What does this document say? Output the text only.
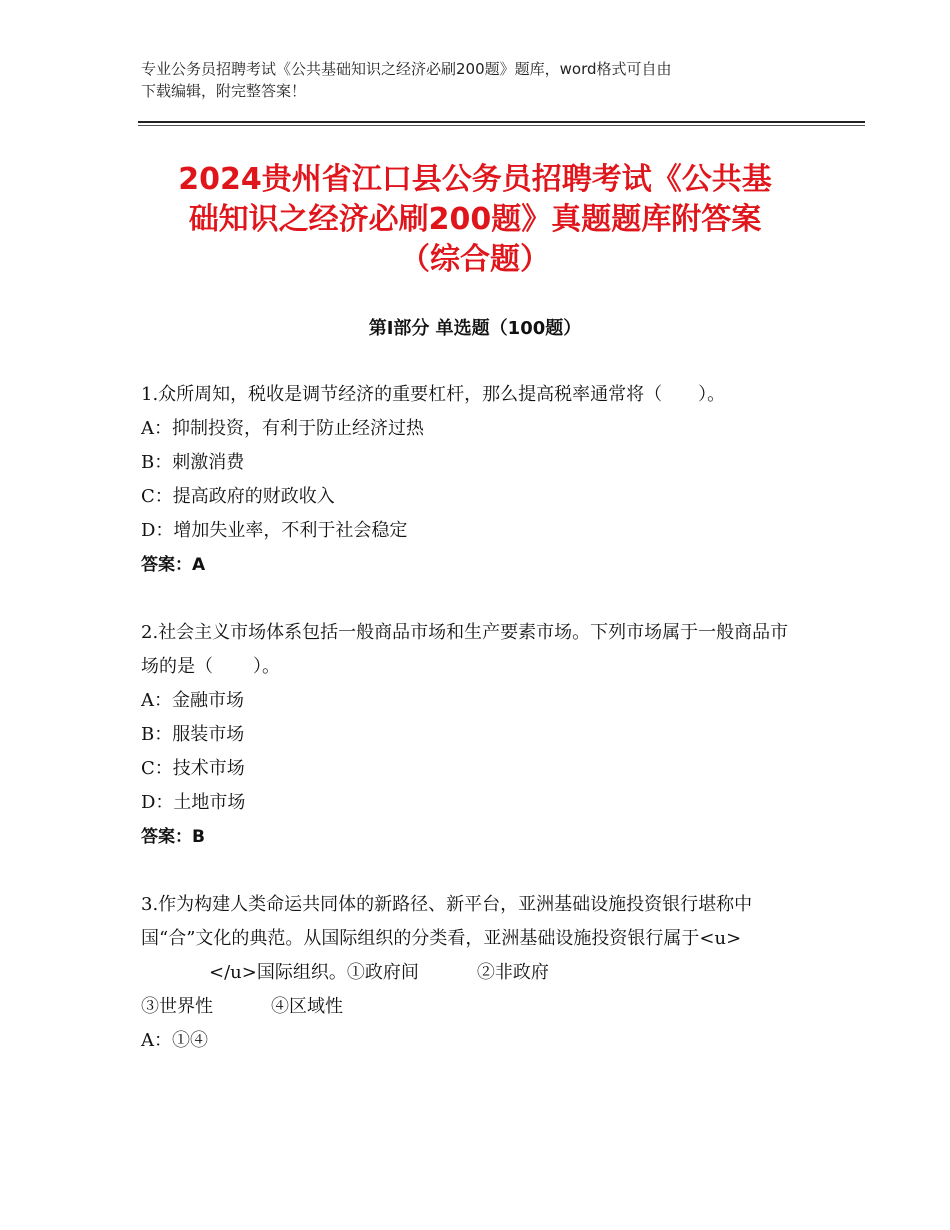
专业公务员招聘考试《公共基础知识之经济必刷200题》题库，word格式可自由
下载编辑，附完整答案！
2024贵州省江口县公务员招聘考试《公共基
础知识之经济必刷200题》真题题库附答案
（综合题）
第Ⅰ部分 单选题（100题）
1.众所周知，税收是调节经济的重要杠杆，那么提高税率通常将（　　）。
A：抑制投资，有利于防止经济过热
B：刺激消费
C：提高政府的财政收入
D：增加失业率，不利于社会稳定
答案：A
2.社会主义市场体系包括一般商品市场和生产要素市场。下列市场属于一般商品市场的是（ ）。
A：金融市场
B：服装市场
C：技术市场
D：土地市场
答案：B
3.作为构建人类命运共同体的新路径、新平台，亚洲基础设施投资银行堪称中国“合”文化的典范。从国际组织的分类看，亚洲基础设施投资银行属于<u></u>国际组织。①政府间	②非政府
③世界性	④区域性
A：①④
